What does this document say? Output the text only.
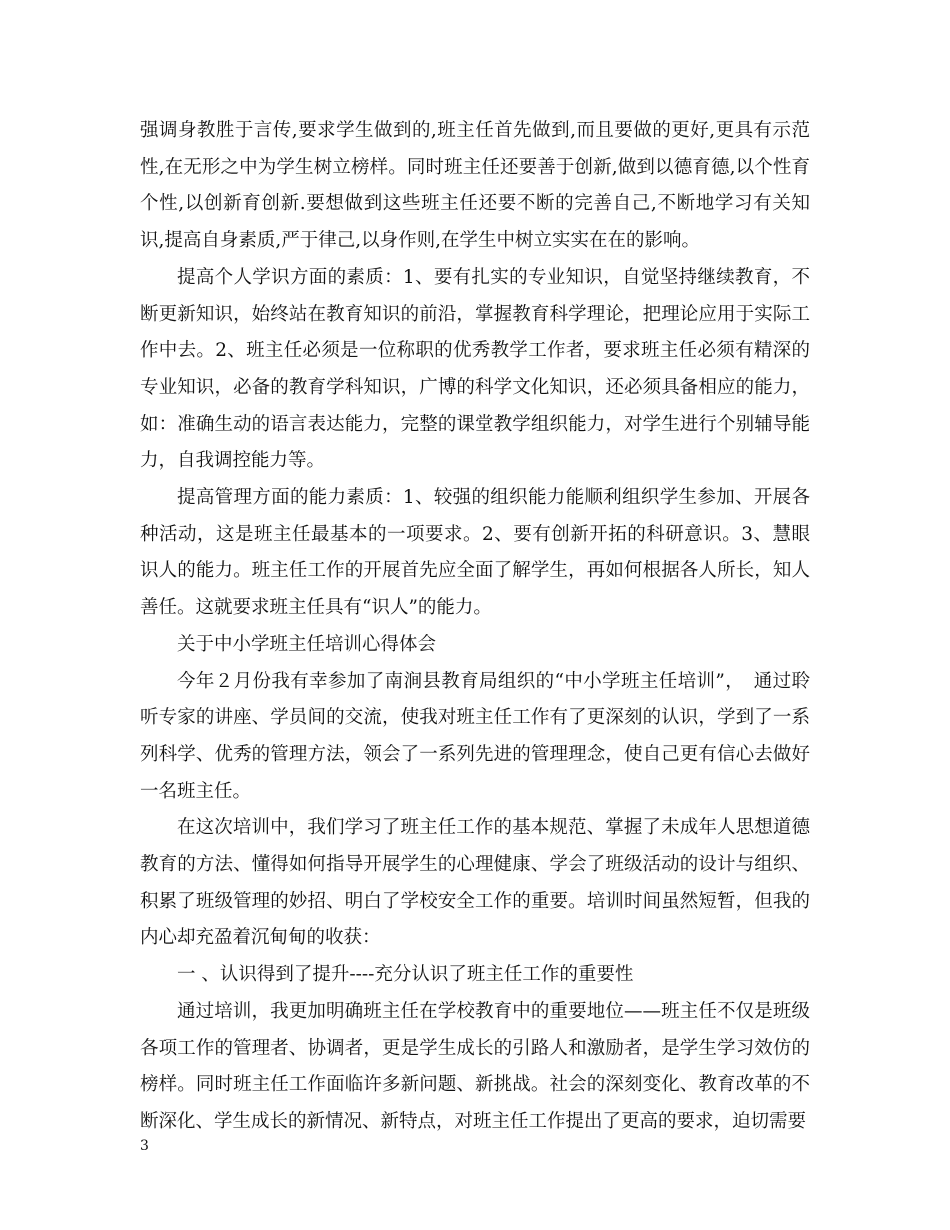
强调身教胜于言传,要求学生做到的,班主任首先做到,而且要做的更好,更具有示范性,在无形之中为学生树立榜样。同时班主任还要善于创新,做到以德育德,以个性育个性,以创新育创新.要想做到这些班主任还要不断的完善自己,不断地学习有关知识,提高自身素质,严于律己,以身作则,在学生中树立实实在在的影响。

提高个人学识方面的素质：1、要有扎实的专业知识，自觉坚持继续教育，不断更新知识，始终站在教育知识的前沿，掌握教育科学理论，把理论应用于实际工作中去。2、班主任必须是一位称职的优秀教学工作者，要求班主任必须有精深的专业知识，必备的教育学科知识，广博的科学文化知识，还必须具备相应的能力，如：准确生动的语言表达能力，完整的课堂教学组织能力，对学生进行个别辅导能力，自我调控能力等。

提高管理方面的能力素质：1、较强的组织能力能顺利组织学生参加、开展各种活动，这是班主任最基本的一项要求。2、要有创新开拓的科研意识。3、慧眼识人的能力。班主任工作的开展首先应全面了解学生，再如何根据各人所长，知人善任。这就要求班主任具有“识人”的能力。

关于中小学班主任培训心得体会

今年２月份我有幸参加了南涧县教育局组织的“中小学班主任培训”，　通过聆听专家的讲座、学员间的交流，使我对班主任工作有了更深刻的认识，学到了一系列科学、优秀的管理方法，领会了一系列先进的管理理念，使自己更有信心去做好一名班主任。

在这次培训中，我们学习了班主任工作的基本规范、掌握了未成年人思想道德教育的方法、懂得如何指导开展学生的心理健康、学会了班级活动的设计与组织、积累了班级管理的妙招、明白了学校安全工作的重要。培训时间虽然短暂，但我的内心却充盈着沉甸甸的收获：

一 、认识得到了提升----充分认识了班主任工作的重要性

通过培训，我更加明确班主任在学校教育中的重要地位——班主任不仅是班级各项工作的管理者、协调者，更是学生成长的引路人和激励者，是学生学习效仿的榜样。同时班主任工作面临许多新问题、新挑战。社会的深刻变化、教育改革的不断深化、学生成长的新情况、新特点，对班主任工作提出了更高的要求，迫切需要

3
